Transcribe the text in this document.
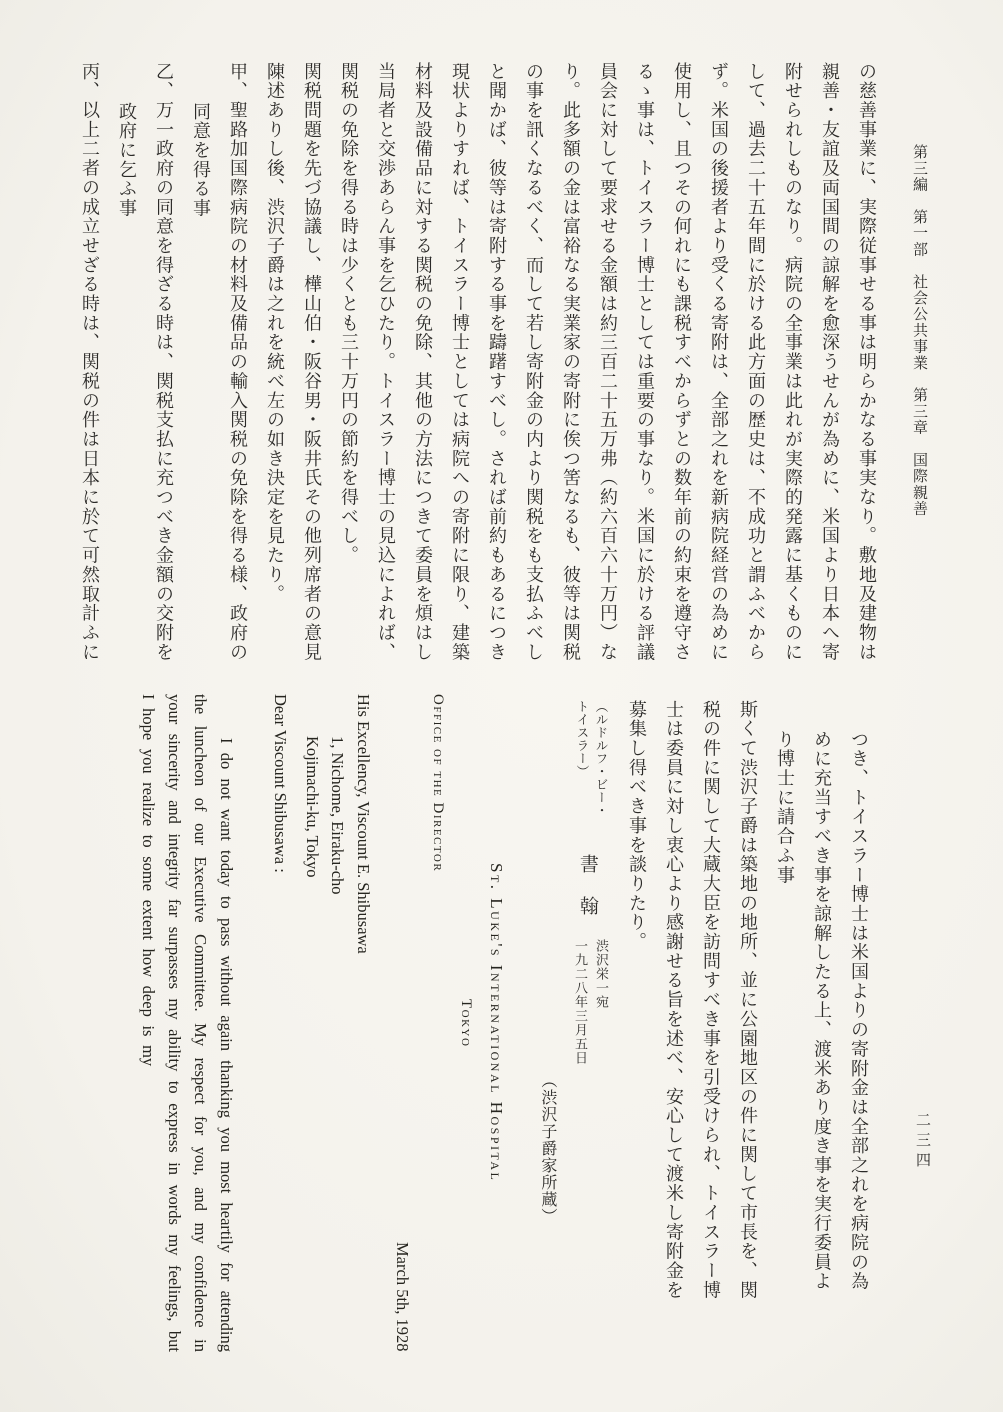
第三編　第一部　社会公共事業　第三章　国際親善

の慈善事業に、実際従事せる事は明らかなる事実なり。敷地及建物は親善・友誼及両国間の諒解を愈深うせんが為めに、米国より日本へ寄附せられしものなり。病院の全事業は此れが実際的発露に基くものにして、過去二十五年間に於ける此方面の歴史は、不成功と謂ふべからず。米国の後援者より受くる寄附は、全部之れを新病院経営の為めに使用し、且つその何れにも課税すべからずとの数年前の約束を遵守さるゝ事は、トイスラー博士としては重要の事なり。米国に於ける評議員会に対して要求せる金額は約三百二十五万弗（約六百六十万円）なり。此多額の金は富裕なる実業家の寄附に俟つ筈なるも、彼等は関税の事を訊くなるべく、而して若し寄附金の内より関税をも支払ふべしと聞かば、彼等は寄附する事を躊躇すべし。されば前約もあるにつき現状よりすれば、トイスラー博士としては病院への寄附に限り、建築材料及設備品に対する関税の免除、其他の方法につきて委員を煩はし当局者と交渉あらん事を乞ひたり。トイスラー博士の見込によれば、関税の免除を得る時は少くとも三十万円の節約を得べし。

関税問題を先づ協議し、樺山伯・阪谷男・阪井氏その他列席者の意見陳述ありし後、渋沢子爵は之れを統べ左の如き決定を見たり。

甲、聖路加国際病院の材料及備品の輸入関税の免除を得る様、政府の同意を得る事

乙、万一政府の同意を得ざる時は、関税支払に充つべき金額の交附を政府に乞ふ事

丙、以上二者の成立せざる時は、関税の件は日本に於て可然取計ふに

二三四

つき、トイスラー博士は米国よりの寄附金は全部之れを病院の為めに充当すべき事を諒解したる上、渡米あり度き事を実行委員より博士に請合ふ事

斯くて渋沢子爵は築地の地所、並に公園地区の件に関して市長を、関税の件に関して大蔵大臣を訪問すべき事を引受けられ、トイスラー博士は委員に対し衷心より感謝せる旨を述べ、安心して渡米し寄附金を募集し得べき事を談りたり。

（ルドルフ・ビー・
トイスラー）
書　翰
渋沢栄一宛
一九二八年三月五日

（渋沢子爵家所蔵）

St. Luke's International Hospital

Tokyo

Office of the Director

March 5th, 1928

His Excellency, Viscount E. Shibusawa

1, Nichome, Eiraku-cho

Kojimachi-ku, Tokyo

Dear Viscount Shibusawa :

I do not want today to pass without again thanking you most heartily for attending the luncheon of our Executive Committee. My respect for you, and my confidence in your sincerity and integrity far surpasses my ability to express in words my feelings, but I hope you realize to some extent how deep is my
